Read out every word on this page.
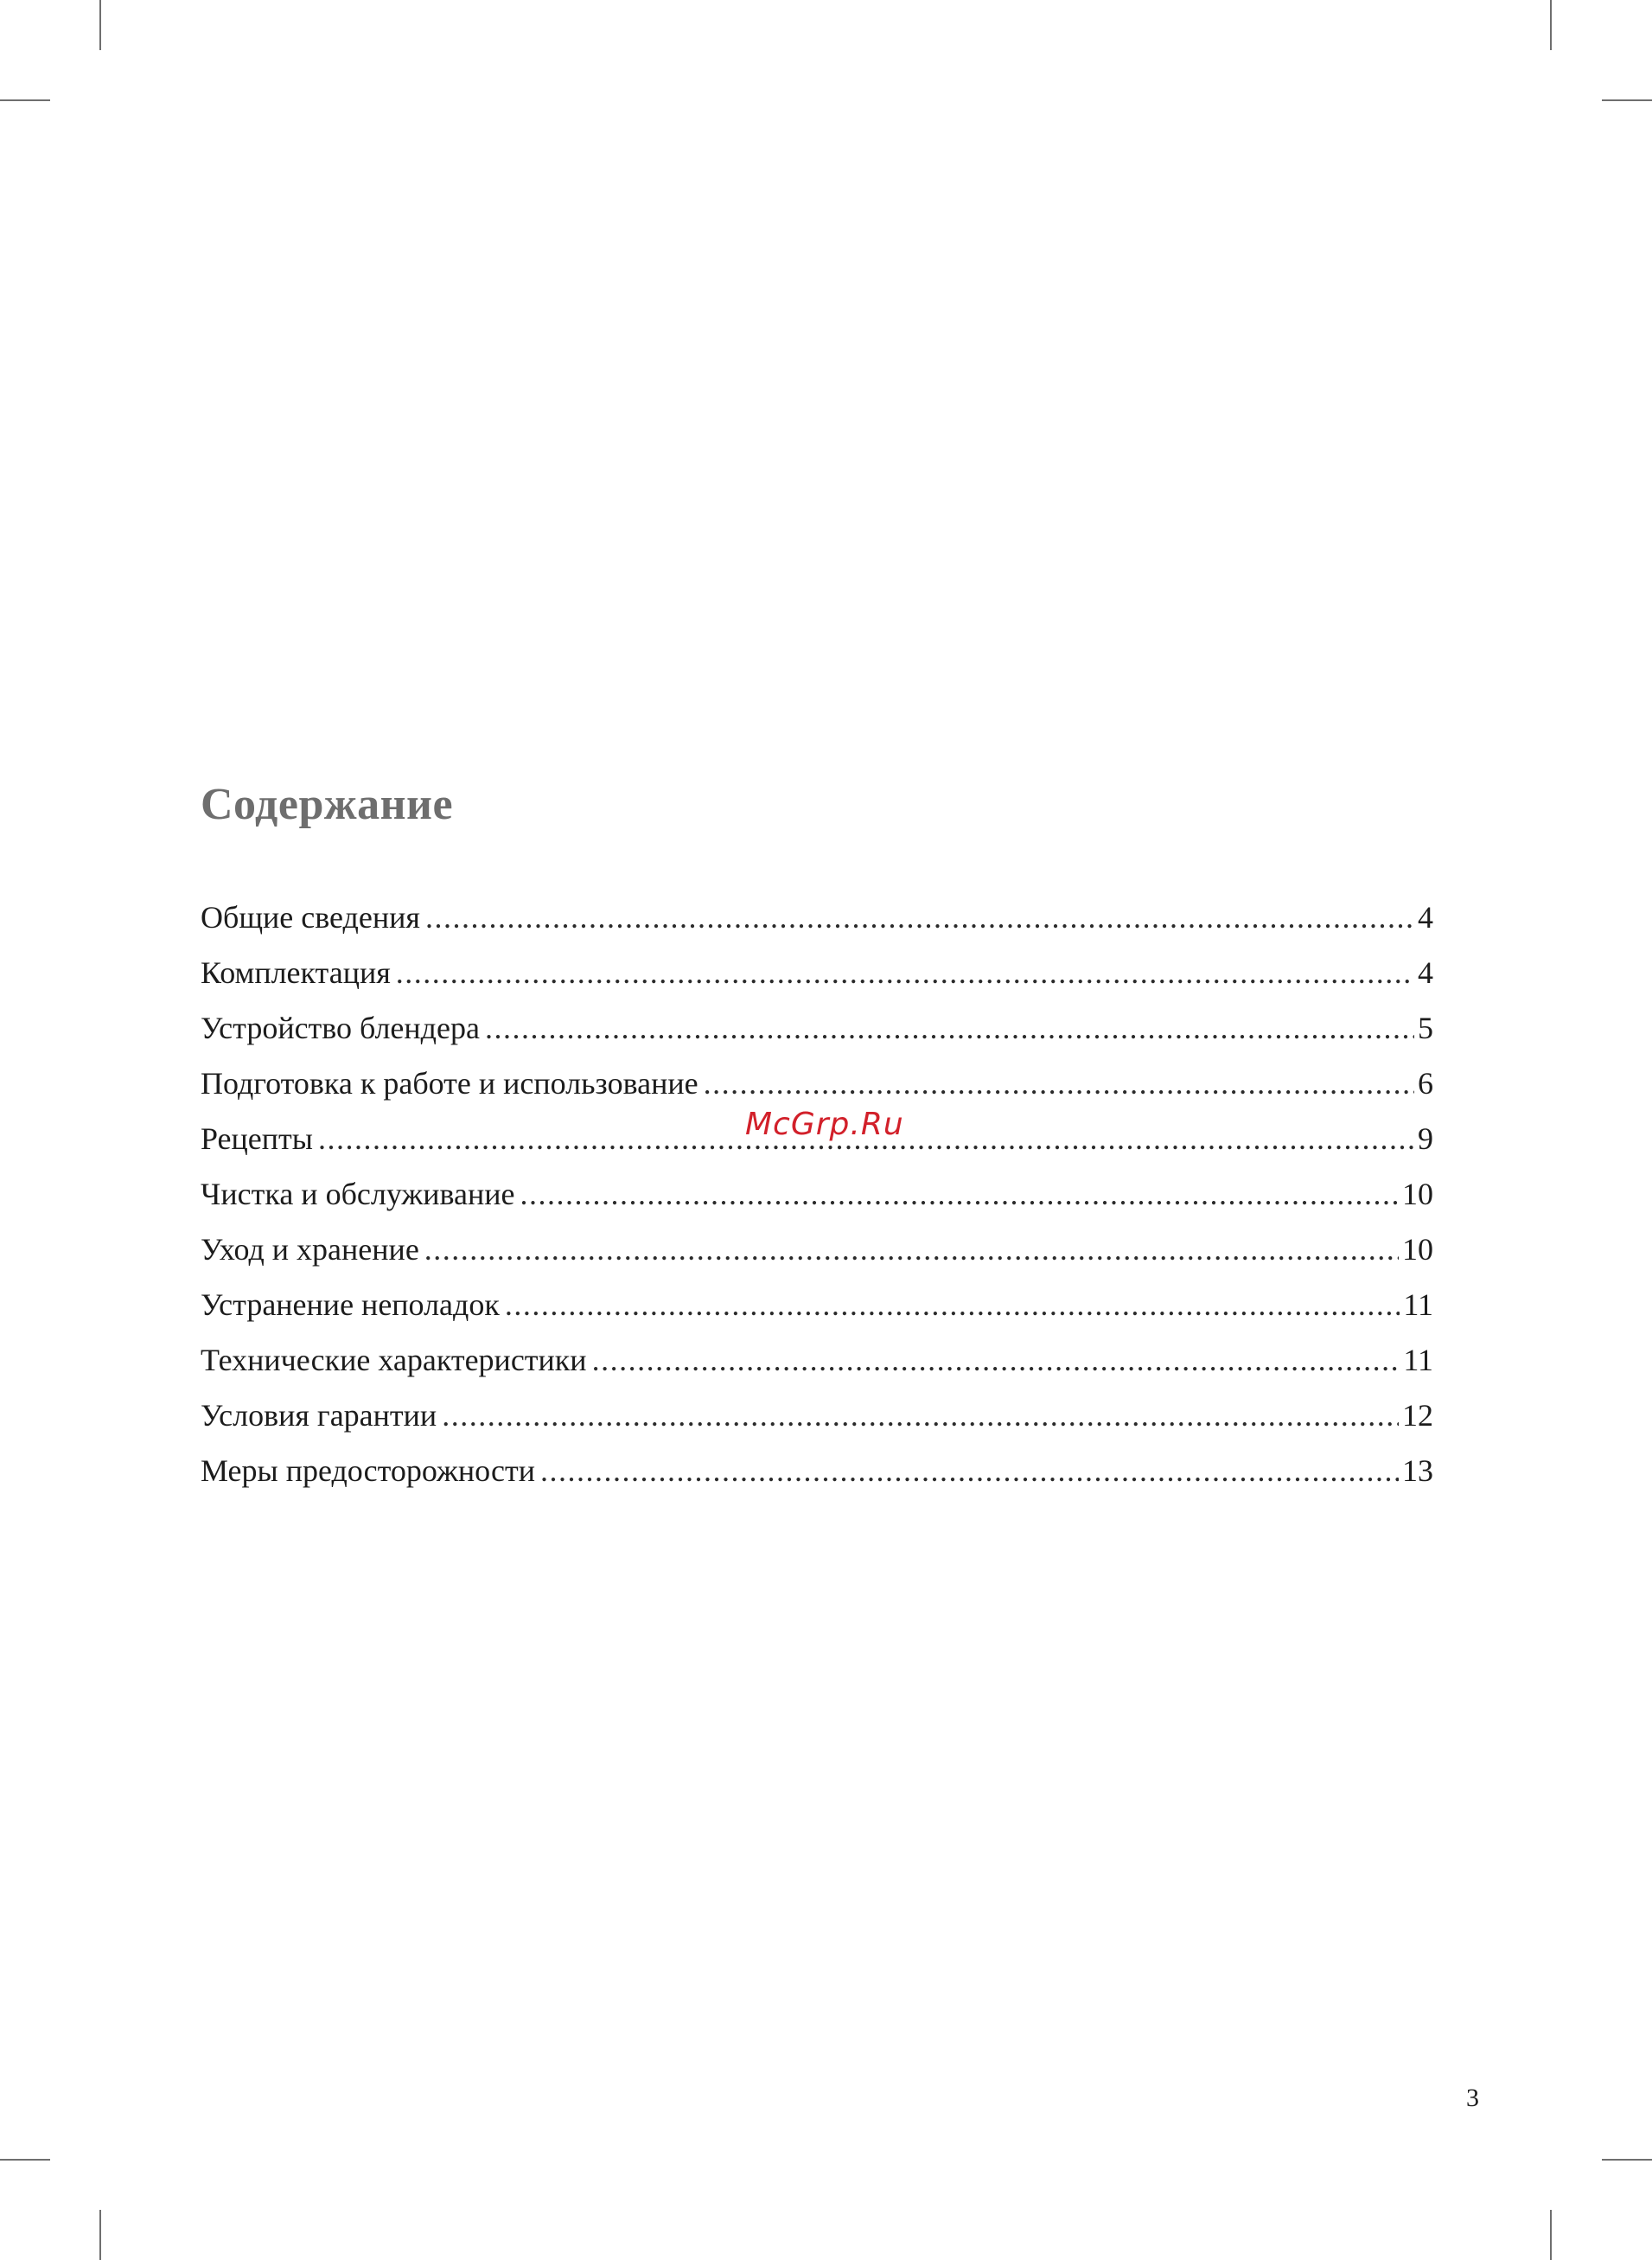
Содержание
Общие сведения .....	4
Комплектация .....	4
Устройство блендера .....	5
Подготовка к работе и использование .....	6
Рецепты .....	9
Чистка и обслуживание .....	10
Уход и хранение .....	10
Устранение неполадок .....	11
Технические характеристики .....	11
Условия гарантии .....	12
Меры предосторожности .....	13
McGrp.Ru
3
